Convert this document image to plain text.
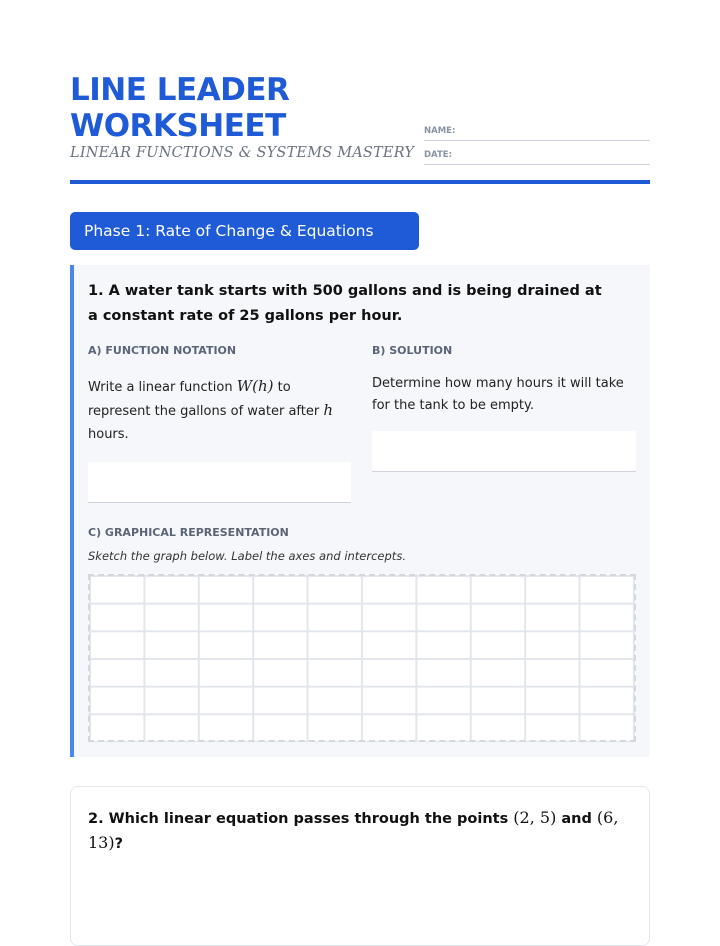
LINE LEADER
WORKSHEET
LINEAR FUNCTIONS & SYSTEMS MASTERY
NAME:
DATE:
Phase 1: Rate of Change & Equations
1. A water tank starts with 500 gallons and is being drained at a constant rate of 25 gallons per hour.
A) FUNCTION NOTATION
Write a linear function W(h) to represent the gallons of water after h hours.
B) SOLUTION
Determine how many hours it will take for the tank to be empty.
C) GRAPHICAL REPRESENTATION
Sketch the graph below. Label the axes and intercepts.
2. Which linear equation passes through the points (2, 5) and (6, 13)?
